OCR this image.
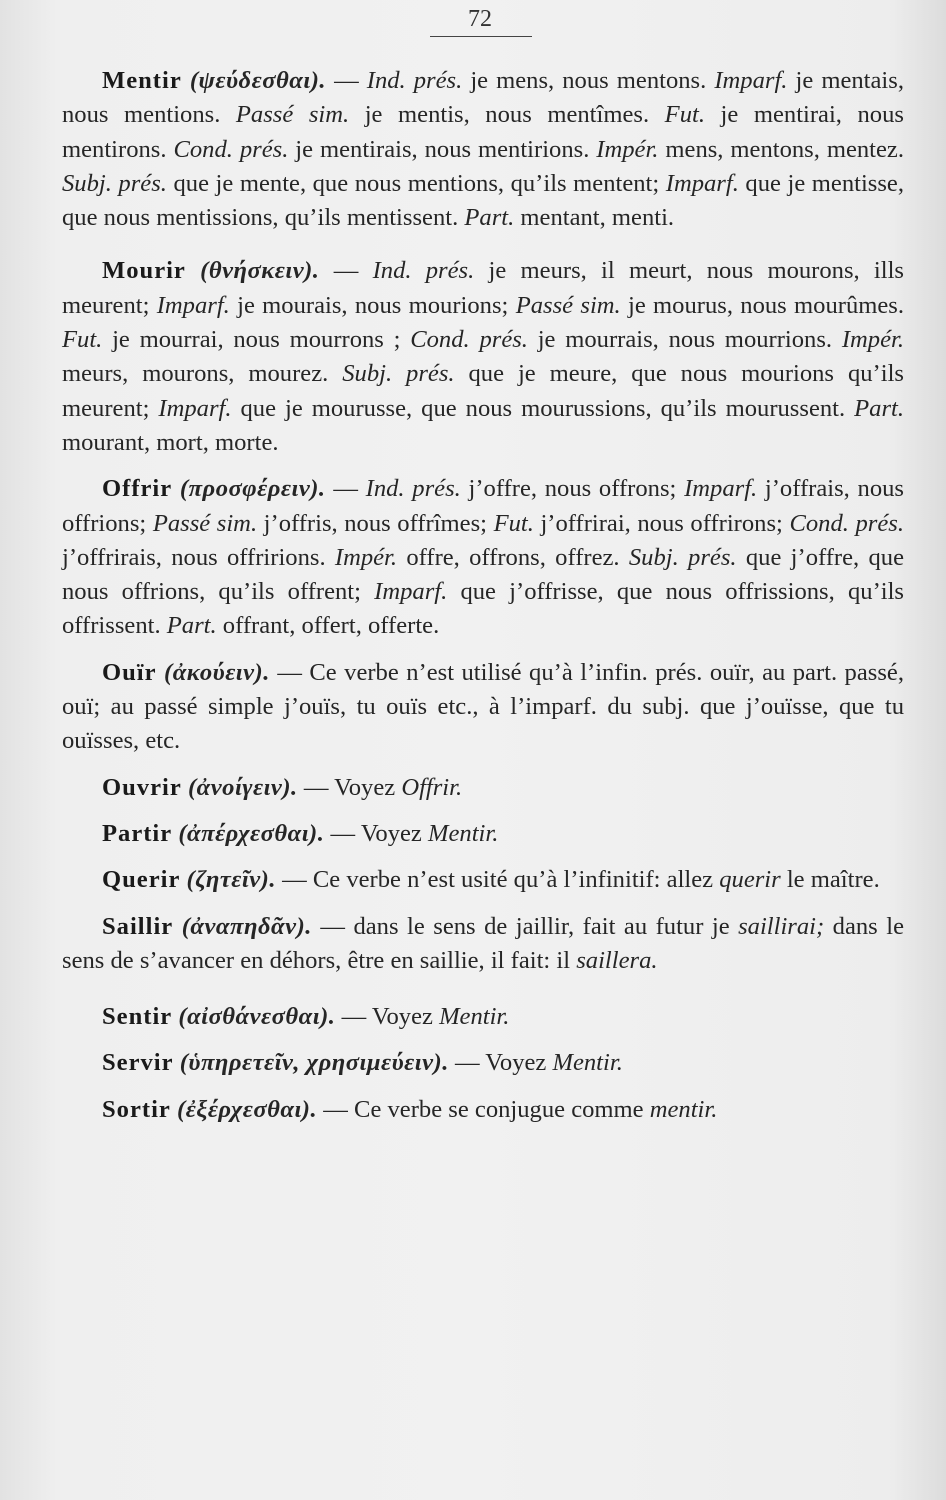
72

Mentir (ψεύδεσθαι). — Ind. prés. je mens, nous mentons. Imparf. je mentais, nous mentions. Passé sim. je mentis, nous mentîmes. Fut. je mentirai, nous mentirons. Cond. prés. je mentirais, nous mentirions. Impér. mens, mentons, mentez. Subj. prés. que je mente, que nous mentions, qu’ils mentent; Imparf. que je mentisse, que nous mentissions, qu’ils mentissent. Part. mentant, menti.

Mourir (θνήσκειν). — Ind. prés. je meurs, il meurt, nous mourons, ills meurent; Imparf. je mourais, nous mourions; Passé sim. je mourus, nous mourûmes. Fut. je mourrai, nous mourrons ; Cond. prés. je mourrais, nous mourrions. Impér. meurs, mourons, mourez. Subj. prés. que je meure, que nous mourions qu’ils meurent; Imparf. que je mourusse, que nous mourussions, qu’ils mourussent. Part. mourant, mort, morte.

Offrir (προσφέρειν). — Ind. prés. j’offre, nous offrons; Imparf. j’offrais, nous offrions; Passé sim. j’offris, nous offrîmes; Fut. j’offrirai, nous offrirons; Cond. prés. j’offrirais, nous offririons. Impér. offre, offrons, offrez. Subj. prés. que j’offre, que nous offrions, qu’ils offrent; Imparf. que j’offrisse, que nous offrissions, qu’ils offrissent. Part. offrant, offert, offerte.

Ouïr (ἀκούειν). — Ce verbe n’est utilisé qu’à l’infin. prés. ouïr, au part. passé, ouï; au passé simple j’ouïs, tu ouïs etc., à l’imparf. du subj. que j’ouïsse, que tu ouïsses, etc.

Ouvrir (ἀνοίγειν). — Voyez Offrir.

Partir (ἀπέρχεσθαι). — Voyez Mentir.

Querir (ζητεῖν). — Ce verbe n’est usité qu’à l’infinitif: allez querir le maître.

Saillir (ἀναπηδᾶν). — dans le sens de jaillir, fait au futur je saillirai; dans le sens de s’avancer en déhors, être en saillie, il fait: il saillera.

Sentir (αἰσθάνεσθαι). — Voyez Mentir.

Servir (ὑπηρετεῖν, χρησιμεύειν). — Voyez Mentir.

Sortir (ἐξέρχεσθαι). — Ce verbe se conjugue comme mentir.
